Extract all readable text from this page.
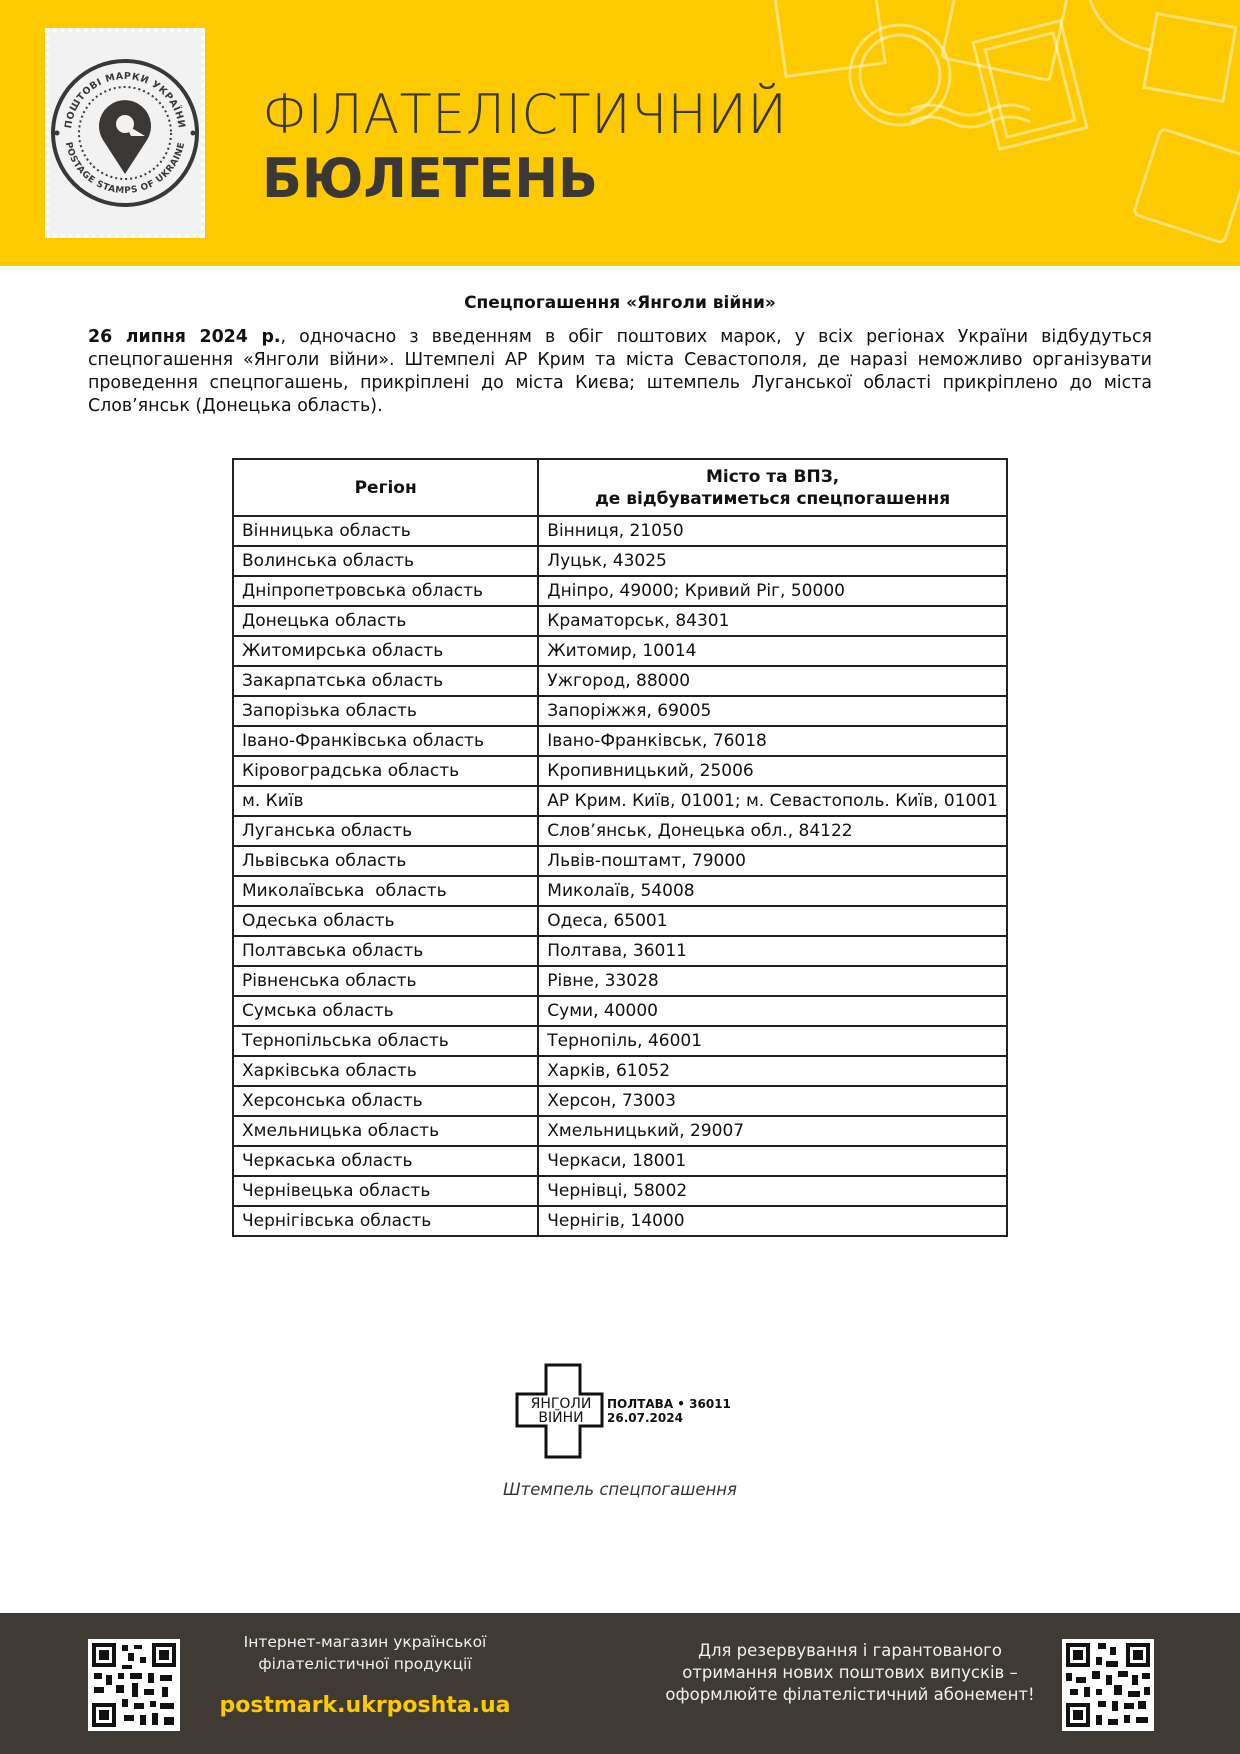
ПОШТОВІ МАРКИ УКРАЇНИ
POSTAGE STAMPS OF UKRAINE ФІЛАТЕЛІСТИЧНИЙ
БЮЛЕТЕНЬ
Спецпогашення «Янголи війни»
26 липня 2024 р., одночасно з введенням в обіг поштових марок, у всіх регіонах України відбудуться спецпогашення «Янголи війни». Штемпелі АР Крим та міста Севастополя, де наразі неможливо організувати проведення спецпогашень, прикріплені до міста Києва; штемпель Луганської області прикріплено до міста Слов’янськ (Донецька область).
Регіон	Місто та ВПЗ,
де відбуватиметься спецпогашення
Вінницька область	Вінниця, 21050
Волинська область	Луцьк, 43025
Дніпропетровська область	Дніпро, 49000; Кривий Ріг, 50000
Донецька область	Краматорськ, 84301
Житомирська область	Житомир, 10014
Закарпатська область	Ужгород, 88000
Запорізька область	Запоріжжя, 69005
Івано-Франківська область	Івано-Франківськ, 76018
Кіровоградська область	Кропивницький, 25006
м. Київ	АР Крим. Київ, 01001; м. Севастополь. Київ, 01001
Луганська область	Слов’янськ, Донецька обл., 84122
Львівська область	Львів-поштамт, 79000
Миколаївська  область	Миколаїв, 54008
Одеська область	Одеса, 65001
Полтавська область	Полтава, 36011
Рівненська область	Рівне, 33028
Сумська область	Суми, 40000
Тернопільська область	Тернопіль, 46001
Харківська область	Харків, 61052
Херсонська область	Херсон, 73003
Хмельницька область	Хмельницький, 29007
Черкаська область	Черкаси, 18001
Чернівецька область	Чернівці, 58002
Чернігівська область	Чернігів, 14000
ЯНГОЛИ
ВІЙНИ
ПОЛТАВА • 36011
26.07.2024
Штемпель спецпогашення
Інтернет-магазин української
філателістичної продукції
postmark.ukrposhta.ua
Для резервування і гарантованого
отримання нових поштових випусків –
оформлюйте філателістичний абонемент!
